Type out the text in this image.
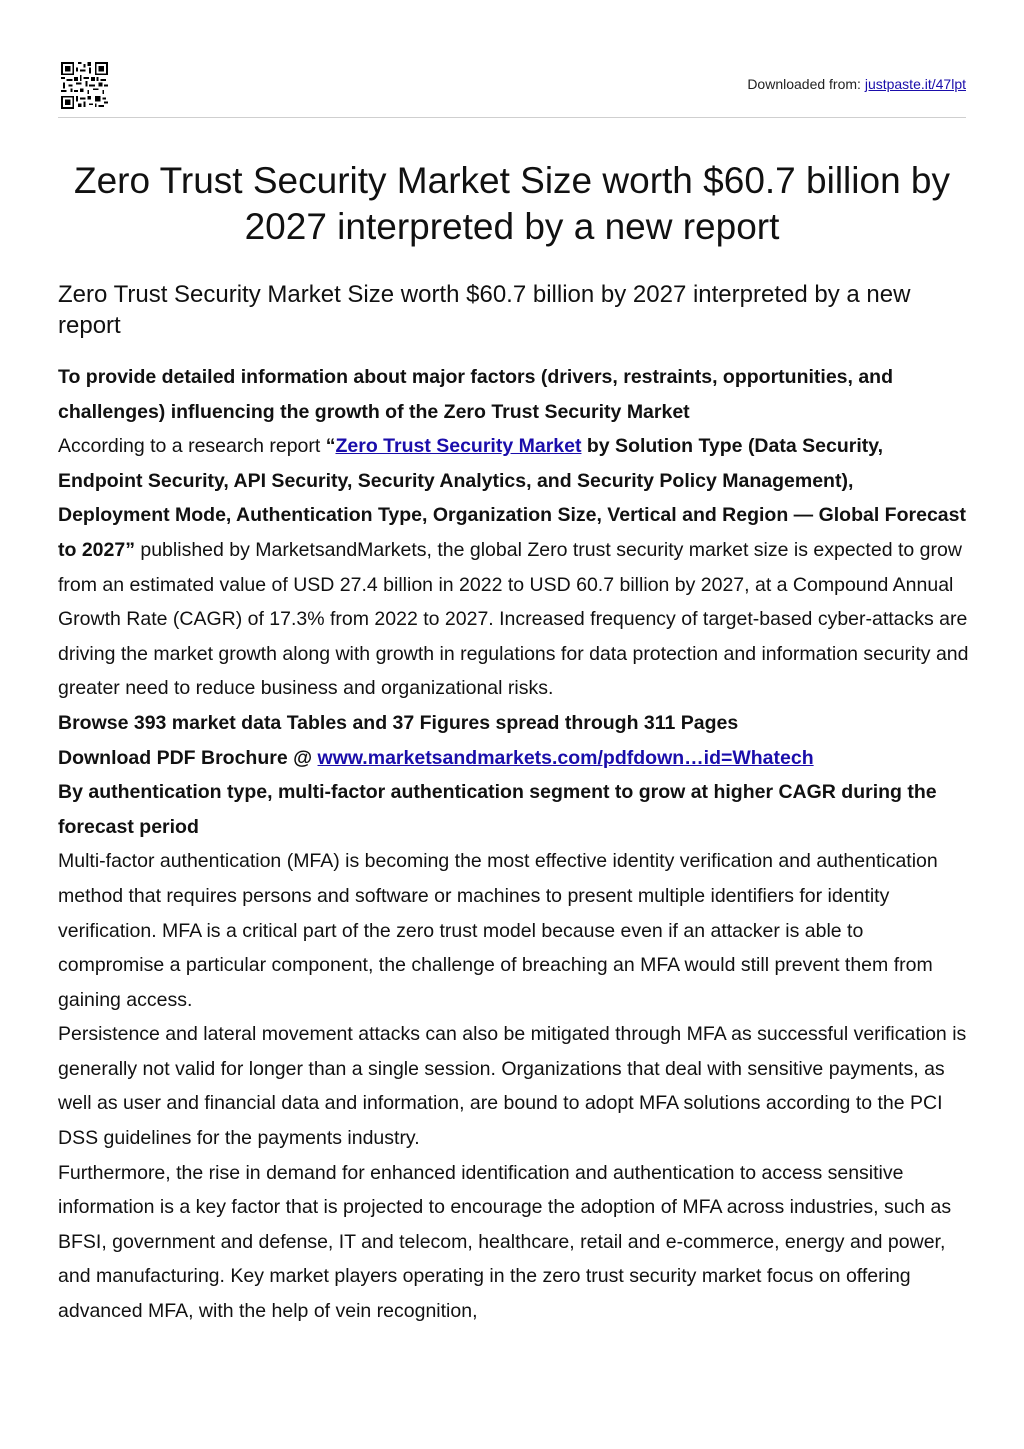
Downloaded from: justpaste.it/47lpt
Zero Trust Security Market Size worth $60.7 billion by 2027 interpreted by a new report
Zero Trust Security Market Size worth $60.7 billion by 2027 interpreted by a new report

To provide detailed information about major factors (drivers, restraints, opportunities, and challenges) influencing the growth of the Zero Trust Security Market

According to a research report “Zero Trust Security Market by Solution Type (Data Security, Endpoint Security, API Security, Security Analytics, and Security Policy Management), Deployment Mode, Authentication Type, Organization Size, Vertical and Region — Global Forecast to 2027” published by MarketsandMarkets, the global Zero trust security market size is expected to grow from an estimated value of USD 27.4 billion in 2022 to USD 60.7 billion by 2027, at a Compound Annual Growth Rate (CAGR) of 17.3% from 2022 to 2027. Increased frequency of target-based cyber-attacks are driving the market growth along with growth in regulations for data protection and information security and greater need to reduce business and organizational risks.

Browse 393 market data Tables and 37 Figures spread through 311 Pages

Download PDF Brochure @ www.marketsandmarkets.com/pdfdown…id=Whatech

By authentication type, multi-factor authentication segment to grow at higher CAGR during the forecast period

Multi-factor authentication (MFA) is becoming the most effective identity verification and authentication method that requires persons and software or machines to present multiple identifiers for identity verification. MFA is a critical part of the zero trust model because even if an attacker is able to compromise a particular component, the challenge of breaching an MFA would still prevent them from gaining access.

Persistence and lateral movement attacks can also be mitigated through MFA as successful verification is generally not valid for longer than a single session. Organizations that deal with sensitive payments, as well as user and financial data and information, are bound to adopt MFA solutions according to the PCI DSS guidelines for the payments industry.

Furthermore, the rise in demand for enhanced identification and authentication to access sensitive information is a key factor that is projected to encourage the adoption of MFA across industries, such as BFSI, government and defense, IT and telecom, healthcare, retail and e-commerce, energy and power, and manufacturing. Key market players operating in the zero trust security market focus on offering advanced MFA, with the help of vein recognition,
